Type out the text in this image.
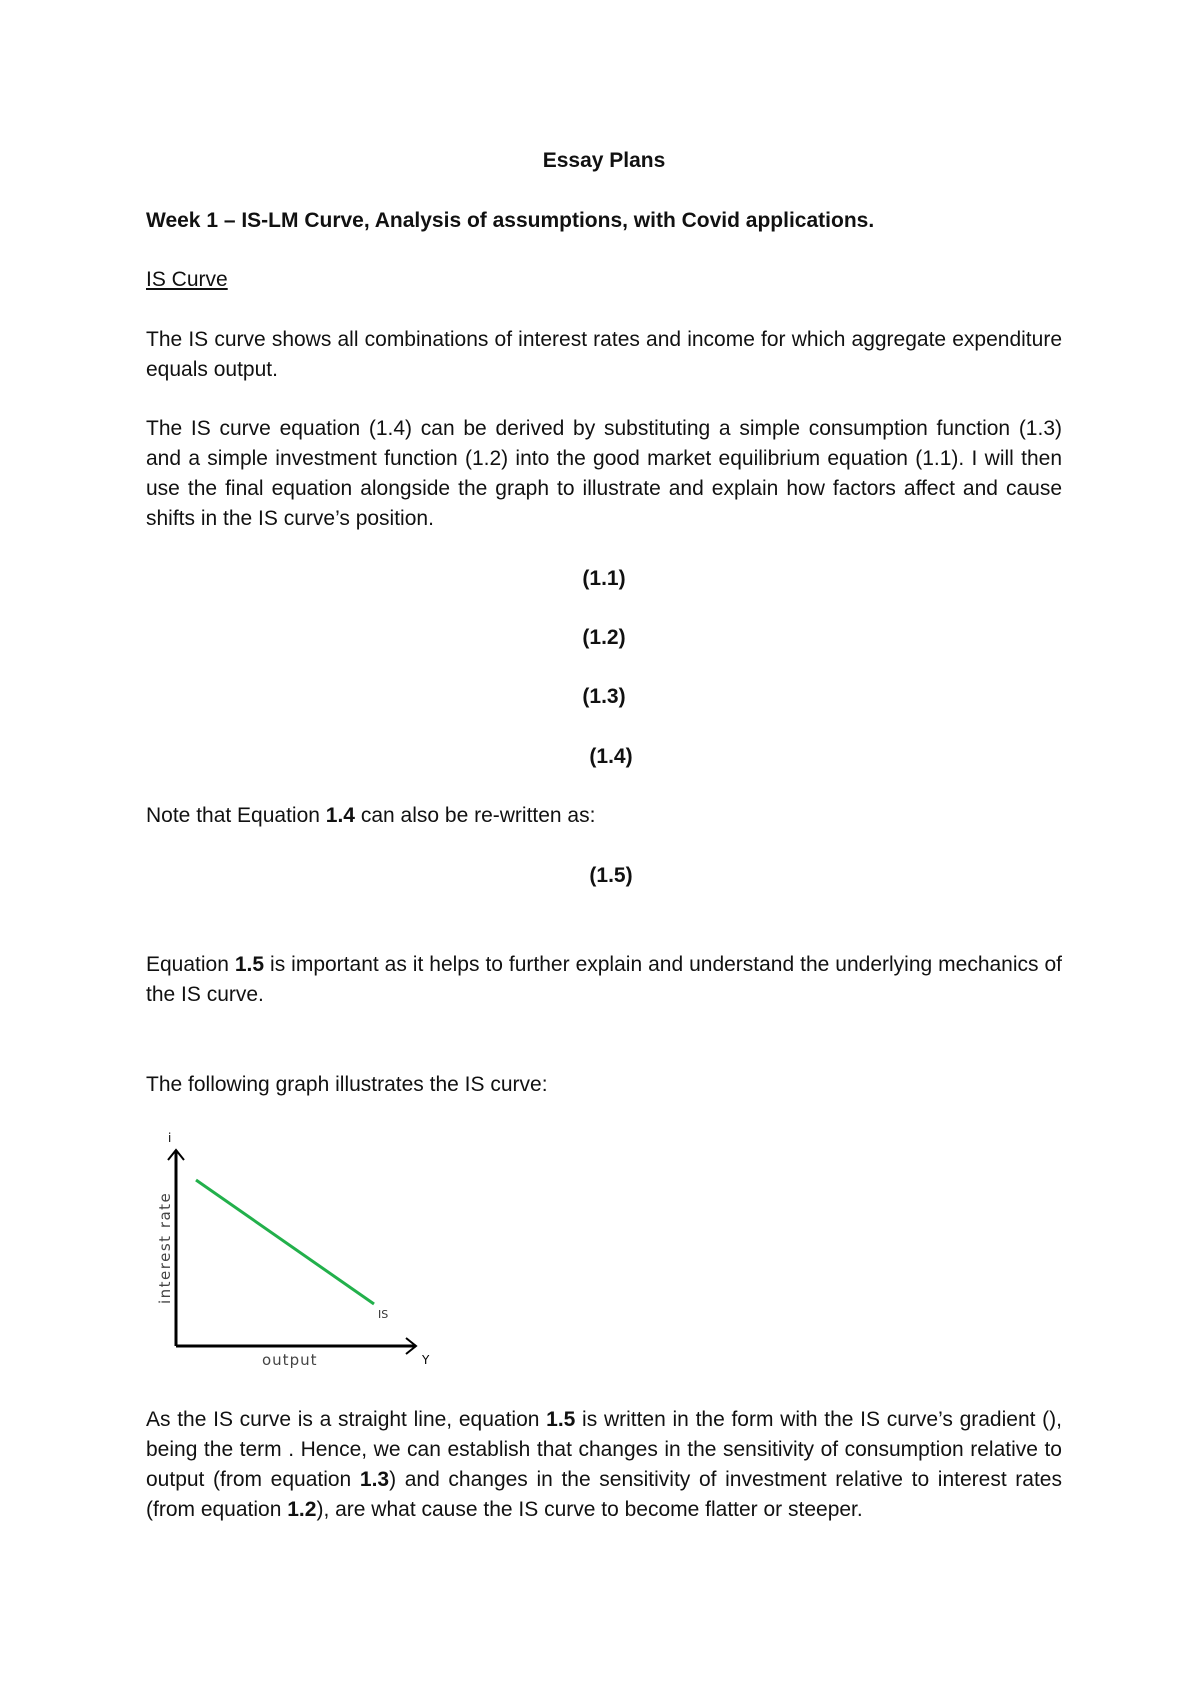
Essay Plans
Week 1 – IS-LM Curve, Analysis of assumptions, with Covid applications.
IS Curve
The IS curve shows all combinations of interest rates and income for which aggregate expenditure equals output.
The IS curve equation (1.4) can be derived by substituting a simple consumption function (1.3) and a simple investment function (1.2) into the good market equilibrium equation (1.1). I will then use the final equation alongside the graph to illustrate and explain how factors affect and cause shifts in the IS curve’s position.
(1.1)
(1.2)
(1.3)
(1.4)
Note that Equation 1.4 can also be re-written as:
(1.5)
Equation 1.5 is important as it helps to further explain and understand the underlying mechanics of the IS curve.
The following graph illustrates the IS curve:
i
Y
IS
interest rate
output
As the IS curve is a straight line, equation 1.5 is written in the form with the IS curve’s gradient (), being the term . Hence, we can establish that changes in the sensitivity of consumption relative to output (from equation 1.3) and changes in the sensitivity of investment relative to interest rates (from equation 1.2), are what cause the IS curve to become flatter or steeper.
